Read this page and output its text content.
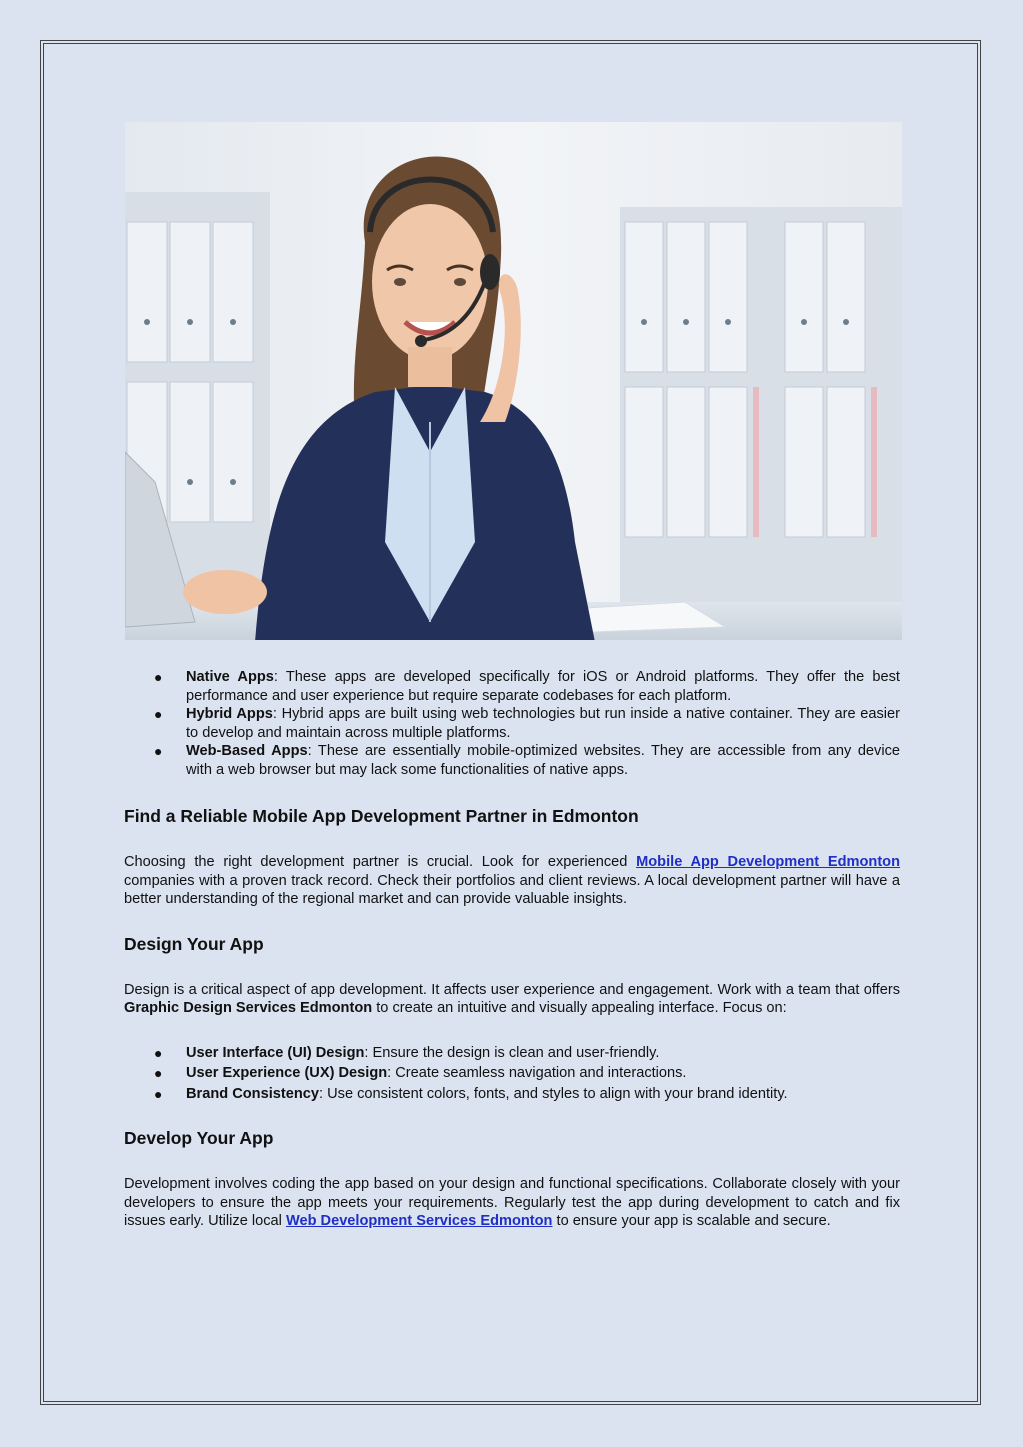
● Native Apps: These apps are developed specifically for iOS or Android platforms. They offer the best performance and user experience but require separate codebases for each platform.
● Hybrid Apps: Hybrid apps are built using web technologies but run inside a native container. They are easier to develop and maintain across multiple platforms.
● Web-Based Apps: These are essentially mobile-optimized websites. They are accessible from any device with a web browser but may lack some functionalities of native apps.
Find a Reliable Mobile App Development Partner in Edmonton

Choosing the right development partner is crucial. Look for experienced Mobile App Development Edmonton companies with a proven track record. Check their portfolios and client reviews. A local development partner will have a better understanding of the regional market and can provide valuable insights.

Design Your App

Design is a critical aspect of app development. It affects user experience and engagement. Work with a team that offers Graphic Design Services Edmonton to create an intuitive and visually appealing interface. Focus on:

● User Interface (UI) Design: Ensure the design is clean and user-friendly.
● User Experience (UX) Design: Create seamless navigation and interactions.
● Brand Consistency: Use consistent colors, fonts, and styles to align with your brand identity.
Develop Your App

Development involves coding the app based on your design and functional specifications. Collaborate closely with your developers to ensure the app meets your requirements. Regularly test the app during development to catch and fix issues early. Utilize local Web Development Services Edmonton to ensure your app is scalable and secure.
